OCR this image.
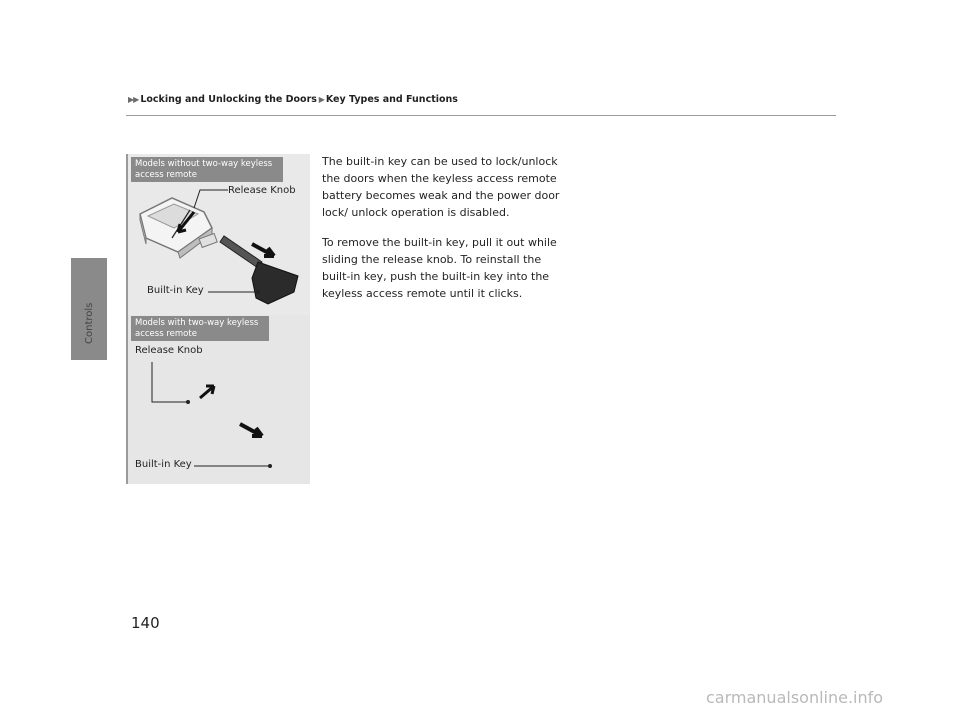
Controls
▶▶ Locking and Unlocking the Doors ▶ Key Types and Functions
Models without two-way keyless access remote
Release Knob
Built-in Key
Models with two-way keyless access remote
Release Knob
Built-in Key

The built-in key can be used to lock/unlock the doors when the keyless access remote battery becomes weak and the power door lock/ unlock operation is disabled.

To remove the built-in key, pull it out while sliding the release knob. To reinstall the built-in key, push the built-in key into the keyless access remote until it clicks.

140
carmanualsonline.info
